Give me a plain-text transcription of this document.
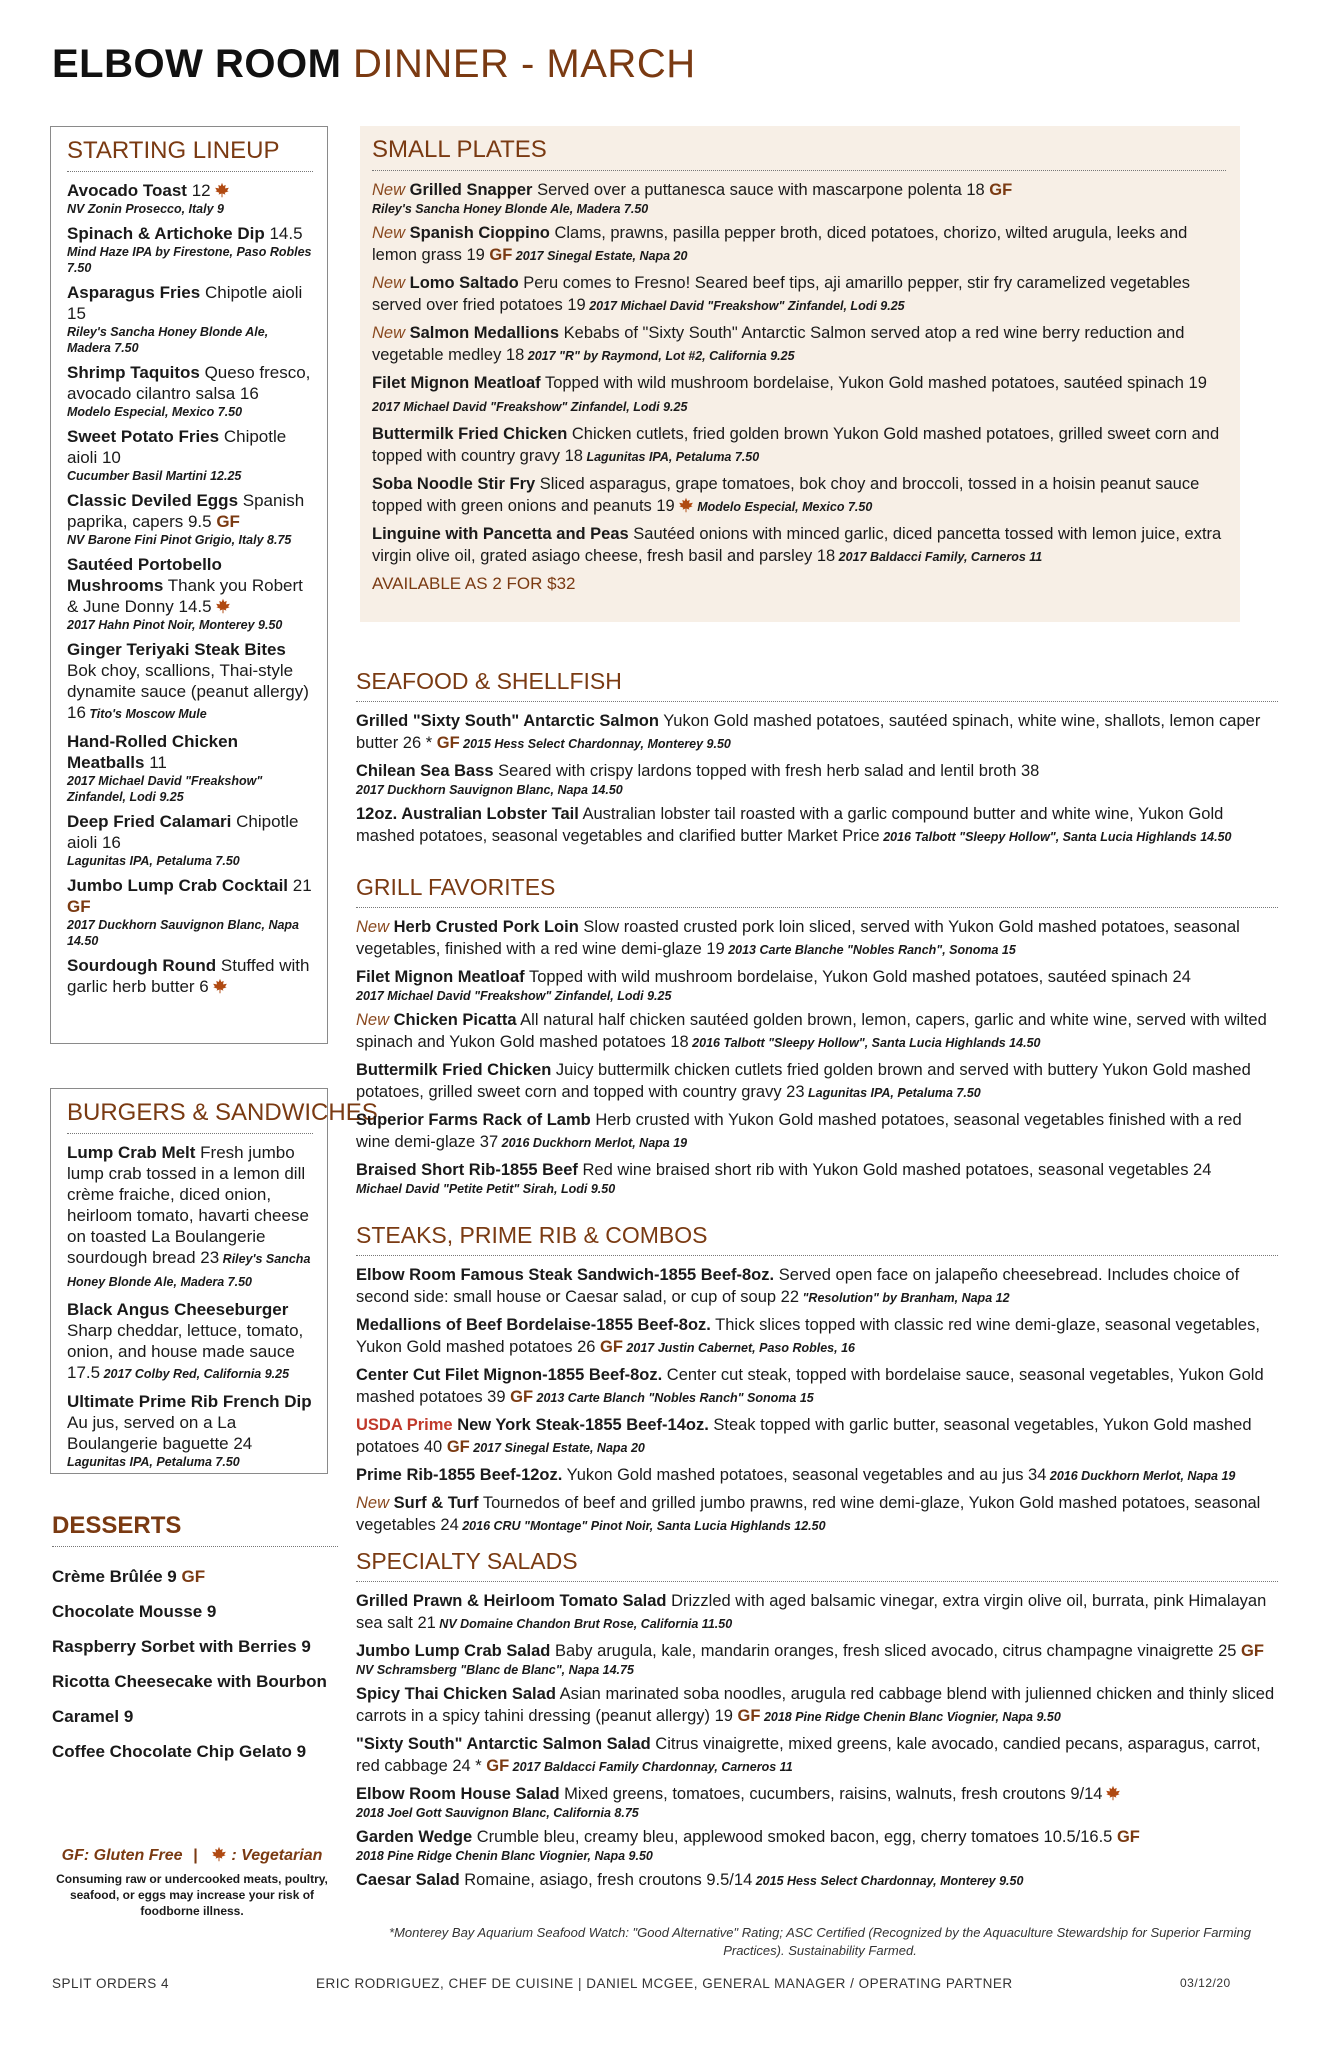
ELBOW ROOM DINNER - MARCH
STARTING LINEUP
Avocado Toast 12
NV Zonin Prosecco, Italy 9
Spinach & Artichoke Dip 14.5
Mind Haze IPA by Firestone, Paso Robles 7.50
Asparagus Fries Chipotle aioli 15
Riley's Sancha Honey Blonde Ale, Madera 7.50
Shrimp Taquitos Queso fresco, avocado cilantro salsa 16
Modelo Especial, Mexico 7.50
Sweet Potato Fries Chipotle aioli 10
Cucumber Basil Martini 12.25
Classic Deviled Eggs Spanish paprika, capers 9.5 GF
NV Barone Fini Pinot Grigio, Italy 8.75
Sautéed Portobello Mushrooms Thank you Robert & June Donny 14.5
2017 Hahn Pinot Noir, Monterey 9.50
Ginger Teriyaki Steak Bites Bok choy, scallions, Thai-style dynamite sauce (peanut allergy) 16 Tito's Moscow Mule
Hand-Rolled Chicken Meatballs 11
2017 Michael David "Freakshow" Zinfandel, Lodi 9.25
Deep Fried Calamari Chipotle aioli 16
Lagunitas IPA, Petaluma 7.50
Jumbo Lump Crab Cocktail 21 GF
2017 Duckhorn Sauvignon Blanc, Napa 14.50
Sourdough Round Stuffed with garlic herb butter 6
BURGERS & SANDWICHES
Lump Crab Melt Fresh jumbo lump crab tossed in a lemon dill crème fraiche, diced onion, heirloom tomato, havarti cheese on toasted La Boulangerie sourdough bread 23 Riley's Sancha Honey Blonde Ale, Madera 7.50
Black Angus Cheeseburger Sharp cheddar, lettuce, tomato, onion, and house made sauce 17.5 2017 Colby Red, California 9.25
Ultimate Prime Rib French Dip Au jus, served on a La Boulangerie baguette 24
Lagunitas IPA, Petaluma 7.50
DESSERTS
Crème Brûlée 9 GF
Chocolate Mousse 9
Raspberry Sorbet with Berries 9
Ricotta Cheesecake with Bourbon Caramel 9
Coffee Chocolate Chip Gelato 9
GF: Gluten Free | : Vegetarian
Consuming raw or undercooked meats, poultry, seafood, or eggs may increase your risk of foodborne illness.
SMALL PLATES
New Grilled Snapper Served over a puttanesca sauce with mascarpone polenta 18 GF
Riley's Sancha Honey Blonde Ale, Madera 7.50
New Spanish Cioppino Clams, prawns, pasilla pepper broth, diced potatoes, chorizo, wilted arugula, leeks and lemon grass 19 GF 2017 Sinegal Estate, Napa 20
New Lomo Saltado Peru comes to Fresno! Seared beef tips, aji amarillo pepper, stir fry caramelized vegetables served over fried potatoes 19 2017 Michael David "Freakshow" Zinfandel, Lodi 9.25
New Salmon Medallions Kebabs of "Sixty South" Antarctic Salmon served atop a red wine berry reduction and vegetable medley 18 2017 "R" by Raymond, Lot #2, California 9.25
Filet Mignon Meatloaf Topped with wild mushroom bordelaise, Yukon Gold mashed potatoes, sautéed spinach 19 2017 Michael David "Freakshow" Zinfandel, Lodi 9.25
Buttermilk Fried Chicken Chicken cutlets, fried golden brown Yukon Gold mashed potatoes, grilled sweet corn and topped with country gravy 18 Lagunitas IPA, Petaluma 7.50
Soba Noodle Stir Fry Sliced asparagus, grape tomatoes, bok choy and broccoli, tossed in a hoisin peanut sauce topped with green onions and peanuts 19 Modelo Especial, Mexico 7.50
Linguine with Pancetta and Peas Sautéed onions with minced garlic, diced pancetta tossed with lemon juice, extra virgin olive oil, grated asiago cheese, fresh basil and parsley 18 2017 Baldacci Family, Carneros 11
AVAILABLE AS 2 FOR $32
SEAFOOD & SHELLFISH
Grilled "Sixty South" Antarctic Salmon Yukon Gold mashed potatoes, sautéed spinach, white wine, shallots, lemon caper butter 26 * GF 2015 Hess Select Chardonnay, Monterey 9.50
Chilean Sea Bass Seared with crispy lardons topped with fresh herb salad and lentil broth 38
2017 Duckhorn Sauvignon Blanc, Napa 14.50
12oz. Australian Lobster Tail Australian lobster tail roasted with a garlic compound butter and white wine, Yukon Gold mashed potatoes, seasonal vegetables and clarified butter Market Price 2016 Talbott "Sleepy Hollow", Santa Lucia Highlands 14.50
GRILL FAVORITES
New Herb Crusted Pork Loin Slow roasted crusted pork loin sliced, served with Yukon Gold mashed potatoes, seasonal vegetables, finished with a red wine demi-glaze 19 2013 Carte Blanche "Nobles Ranch", Sonoma 15
Filet Mignon Meatloaf Topped with wild mushroom bordelaise, Yukon Gold mashed potatoes, sautéed spinach 24
2017 Michael David "Freakshow" Zinfandel, Lodi 9.25
New Chicken Picatta All natural half chicken sautéed golden brown, lemon, capers, garlic and white wine, served with wilted spinach and Yukon Gold mashed potatoes 18 2016 Talbott "Sleepy Hollow", Santa Lucia Highlands 14.50
Buttermilk Fried Chicken Juicy buttermilk chicken cutlets fried golden brown and served with buttery Yukon Gold mashed potatoes, grilled sweet corn and topped with country gravy 23 Lagunitas IPA, Petaluma 7.50
Superior Farms Rack of Lamb Herb crusted with Yukon Gold mashed potatoes, seasonal vegetables finished with a red wine demi-glaze 37 2016 Duckhorn Merlot, Napa 19
Braised Short Rib-1855 Beef Red wine braised short rib with Yukon Gold mashed potatoes, seasonal vegetables 24
Michael David "Petite Petit" Sirah, Lodi 9.50
STEAKS, PRIME RIB & COMBOS
Elbow Room Famous Steak Sandwich-1855 Beef-8oz. Served open face on jalapeño cheesebread. Includes choice of second side: small house or Caesar salad, or cup of soup 22 "Resolution" by Branham, Napa 12
Medallions of Beef Bordelaise-1855 Beef-8oz. Thick slices topped with classic red wine demi-glaze, seasonal vegetables, Yukon Gold mashed potatoes 26 GF 2017 Justin Cabernet, Paso Robles, 16
Center Cut Filet Mignon-1855 Beef-8oz. Center cut steak, topped with bordelaise sauce, seasonal vegetables, Yukon Gold mashed potatoes 39 GF 2013 Carte Blanch "Nobles Ranch" Sonoma 15
USDA Prime New York Steak-1855 Beef-14oz. Steak topped with garlic butter, seasonal vegetables, Yukon Gold mashed potatoes 40 GF 2017 Sinegal Estate, Napa 20
Prime Rib-1855 Beef-12oz. Yukon Gold mashed potatoes, seasonal vegetables and au jus 34 2016 Duckhorn Merlot, Napa 19
New Surf & Turf Tournedos of beef and grilled jumbo prawns, red wine demi-glaze, Yukon Gold mashed potatoes, seasonal vegetables 24 2016 CRU "Montage" Pinot Noir, Santa Lucia Highlands 12.50
SPECIALTY SALADS
Grilled Prawn & Heirloom Tomato Salad Drizzled with aged balsamic vinegar, extra virgin olive oil, burrata, pink Himalayan sea salt 21 NV Domaine Chandon Brut Rose, California 11.50
Jumbo Lump Crab Salad Baby arugula, kale, mandarin oranges, fresh sliced avocado, citrus champagne vinaigrette 25 GF
NV Schramsberg "Blanc de Blanc", Napa 14.75
Spicy Thai Chicken Salad Asian marinated soba noodles, arugula red cabbage blend with julienned chicken and thinly sliced carrots in a spicy tahini dressing (peanut allergy) 19 GF 2018 Pine Ridge Chenin Blanc Viognier, Napa 9.50
"Sixty South" Antarctic Salmon Salad Citrus vinaigrette, mixed greens, kale avocado, candied pecans, asparagus, carrot, red cabbage 24 * GF 2017 Baldacci Family Chardonnay, Carneros 11
Elbow Room House Salad Mixed greens, tomatoes, cucumbers, raisins, walnuts, fresh croutons 9/14
2018 Joel Gott Sauvignon Blanc, California 8.75
Garden Wedge Crumble bleu, creamy bleu, applewood smoked bacon, egg, cherry tomatoes 10.5/16.5 GF
2018 Pine Ridge Chenin Blanc Viognier, Napa 9.50
Caesar Salad Romaine, asiago, fresh croutons 9.5/14 2015 Hess Select Chardonnay, Monterey 9.50
*Monterey Bay Aquarium Seafood Watch: "Good Alternative" Rating; ASC Certified (Recognized by the Aquaculture Stewardship for Superior Farming Practices). Sustainability Farmed.
SPLIT ORDERS 4	ERIC RODRIGUEZ, CHEF DE CUISINE | DANIEL MCGEE, GENERAL MANAGER / OPERATING PARTNER	03/12/20
